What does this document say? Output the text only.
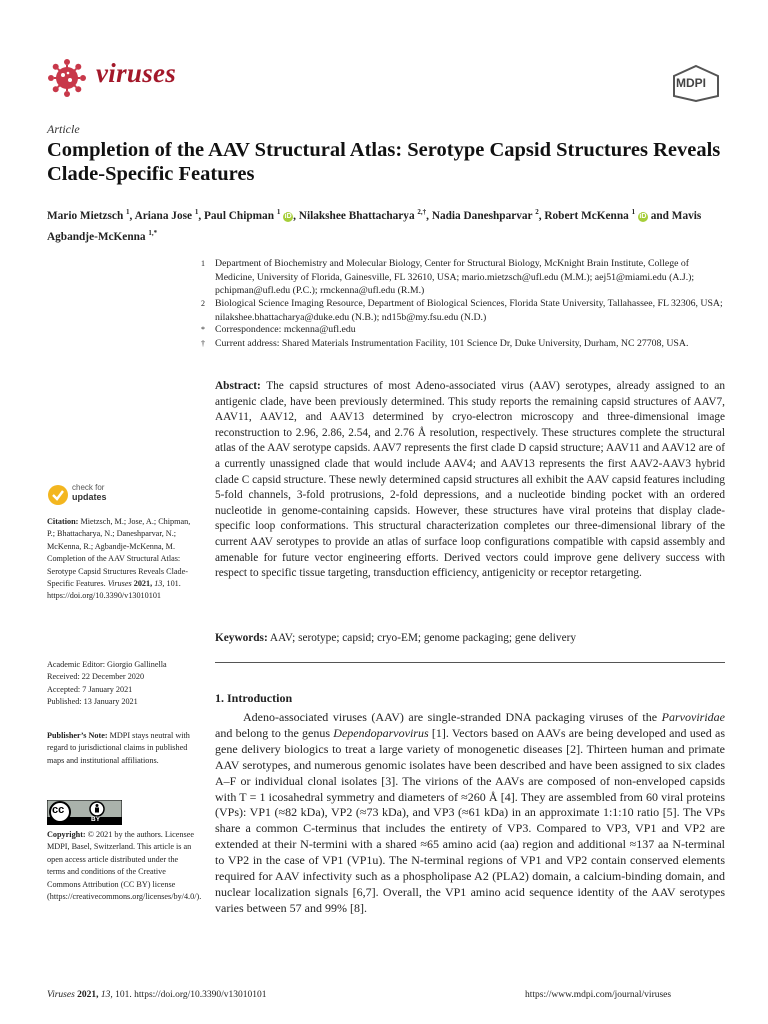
viruses	MDPI
Article
Completion of the AAV Structural Atlas: Serotype Capsid Structures Reveals Clade-Specific Features
Mario Mietzsch $^1$, Ariana Jose $^1$, Paul Chipman $^1$ iD , Nilakshee Bhattacharya $^{2,\dagger}$, Nadia Daneshparvar $^2$, Robert McKenna $^1$ iD and Mavis Agbandje-McKenna $^{1,*}$
1 Department of Biochemistry and Molecular Biology, Center for Structural Biology, McKnight Brain Institute, College of Medicine, University of Florida, Gainesville, FL 32610, USA; mario.mietzsch@ufl.edu (M.M.); aej51@miami.edu (A.J.); pchipman@ufl.edu (P.C.); rmckenna@ufl.edu (R.M.)
2 Biological Science Imaging Resource, Department of Biological Sciences, Florida State University, Tallahassee, FL 32306, USA; nilakshee.bhattacharya@duke.edu (N.B.); nd15b@my.fsu.edu (N.D.)
* Correspondence: mckenna@ufl.edu
† Current address: Shared Materials Instrumentation Facility, 101 Science Dr, Duke University, Durham, NC 27708, USA.
Abstract: The capsid structures of most Adeno-associated virus (AAV) serotypes, already assigned to an antigenic clade, have been previously determined. This study reports the remaining capsid structures of AAV7, AAV11, AAV12, and AAV13 determined by cryo-electron microscopy and three-dimensional image reconstruction to 2.96, 2.86, 2.54, and 2.76 Å resolution, respectively. These structures complete the structural atlas of the AAV serotype capsids. AAV7 represents the first clade D capsid structure; AAV11 and AAV12 are of a currently unassigned clade that would include AAV4; and AAV13 represents the first AAV2-AAV3 hybrid clade C capsid structure. These newly determined capsid structures all exhibit the AAV capsid features including 5-fold channels, 3-fold protrusions, 2-fold depressions, and a nucleotide binding pocket with an ordered nucleotide in genome-containing capsids. However, these structures have viral proteins that display clade-specific loop conformations. This structural characterization completes our three-dimensional library of the current AAV serotypes to provide an atlas of surface loop configurations compatible with capsid assembly and amenable for future vector engineering efforts. Derived vectors could improve gene delivery success with respect to specific tissue targeting, transduction efficiency, antigenicity or receptor retargeting.
Keywords: AAV; serotype; capsid; cryo-EM; genome packaging; gene delivery
1. Introduction
Adeno-associated viruses (AAV) are single-stranded DNA packaging viruses of the Parvoviridae and belong to the genus Dependoparvovirus [1]. Vectors based on AAVs are being developed and used as gene delivery biologics to treat a large variety of monogenetic diseases [2]. Thirteen human and primate AAV serotypes, and numerous genomic isolates have been described and have been assigned to six clades A–F or individual clonal isolates [3]. The virions of the AAVs are composed of non-enveloped capsids with T = 1 icosahedral symmetry and diameters of ≈260 Å [4]. They are assembled from 60 viral proteins (VPs): VP1 (≈82 kDa), VP2 (≈73 kDa), and VP3 (≈61 kDa) in an approximate 1:1:10 ratio [5]. The VPs share a common C-terminus that includes the entirety of VP3. Compared to VP3, VP1 and VP2 are extended at their N-termini with a shared ≈65 amino acid (aa) region and additional ≈137 aa N-terminal to VP2 in the case of VP1 (VP1u). The N-terminal regions of VP1 and VP2 contain conserved elements required for AAV infectivity such as a phospholipase A2 (PLA2) domain, a calcium-binding domain, and nuclear localization signals [6,7]. Overall, the VP1 amino acid sequence identity of the AAV serotypes varies between 57 and 99% [8].
check for
updates
Citation: Mietzsch, M.; Jose, A.; Chipman, P.; Bhattacharya, N.; Daneshparvar, N.; McKenna, R.; Agbandje-McKenna, M. Completion of the AAV Structural Atlas: Serotype Capsid Structures Reveals Clade-Specific Features. Viruses 2021, 13, 101. https://doi.org/10.3390/v13010101
Academic Editor: Giorgio Gallinella
Received: 22 December 2020
Accepted: 7 January 2021
Published: 13 January 2021
Publisher’s Note: MDPI stays neutral with regard to jurisdictional claims in published maps and institutional affiliations.
cc
BY
Copyright: © 2021 by the authors. Licensee MDPI, Basel, Switzerland. This article is an open access article distributed under the terms and conditions of the Creative Commons Attribution (CC BY) license (https://creativecommons.org/licenses/by/4.0/).
Viruses 2021, 13, 101. https://doi.org/10.3390/v13010101	https://www.mdpi.com/journal/viruses
